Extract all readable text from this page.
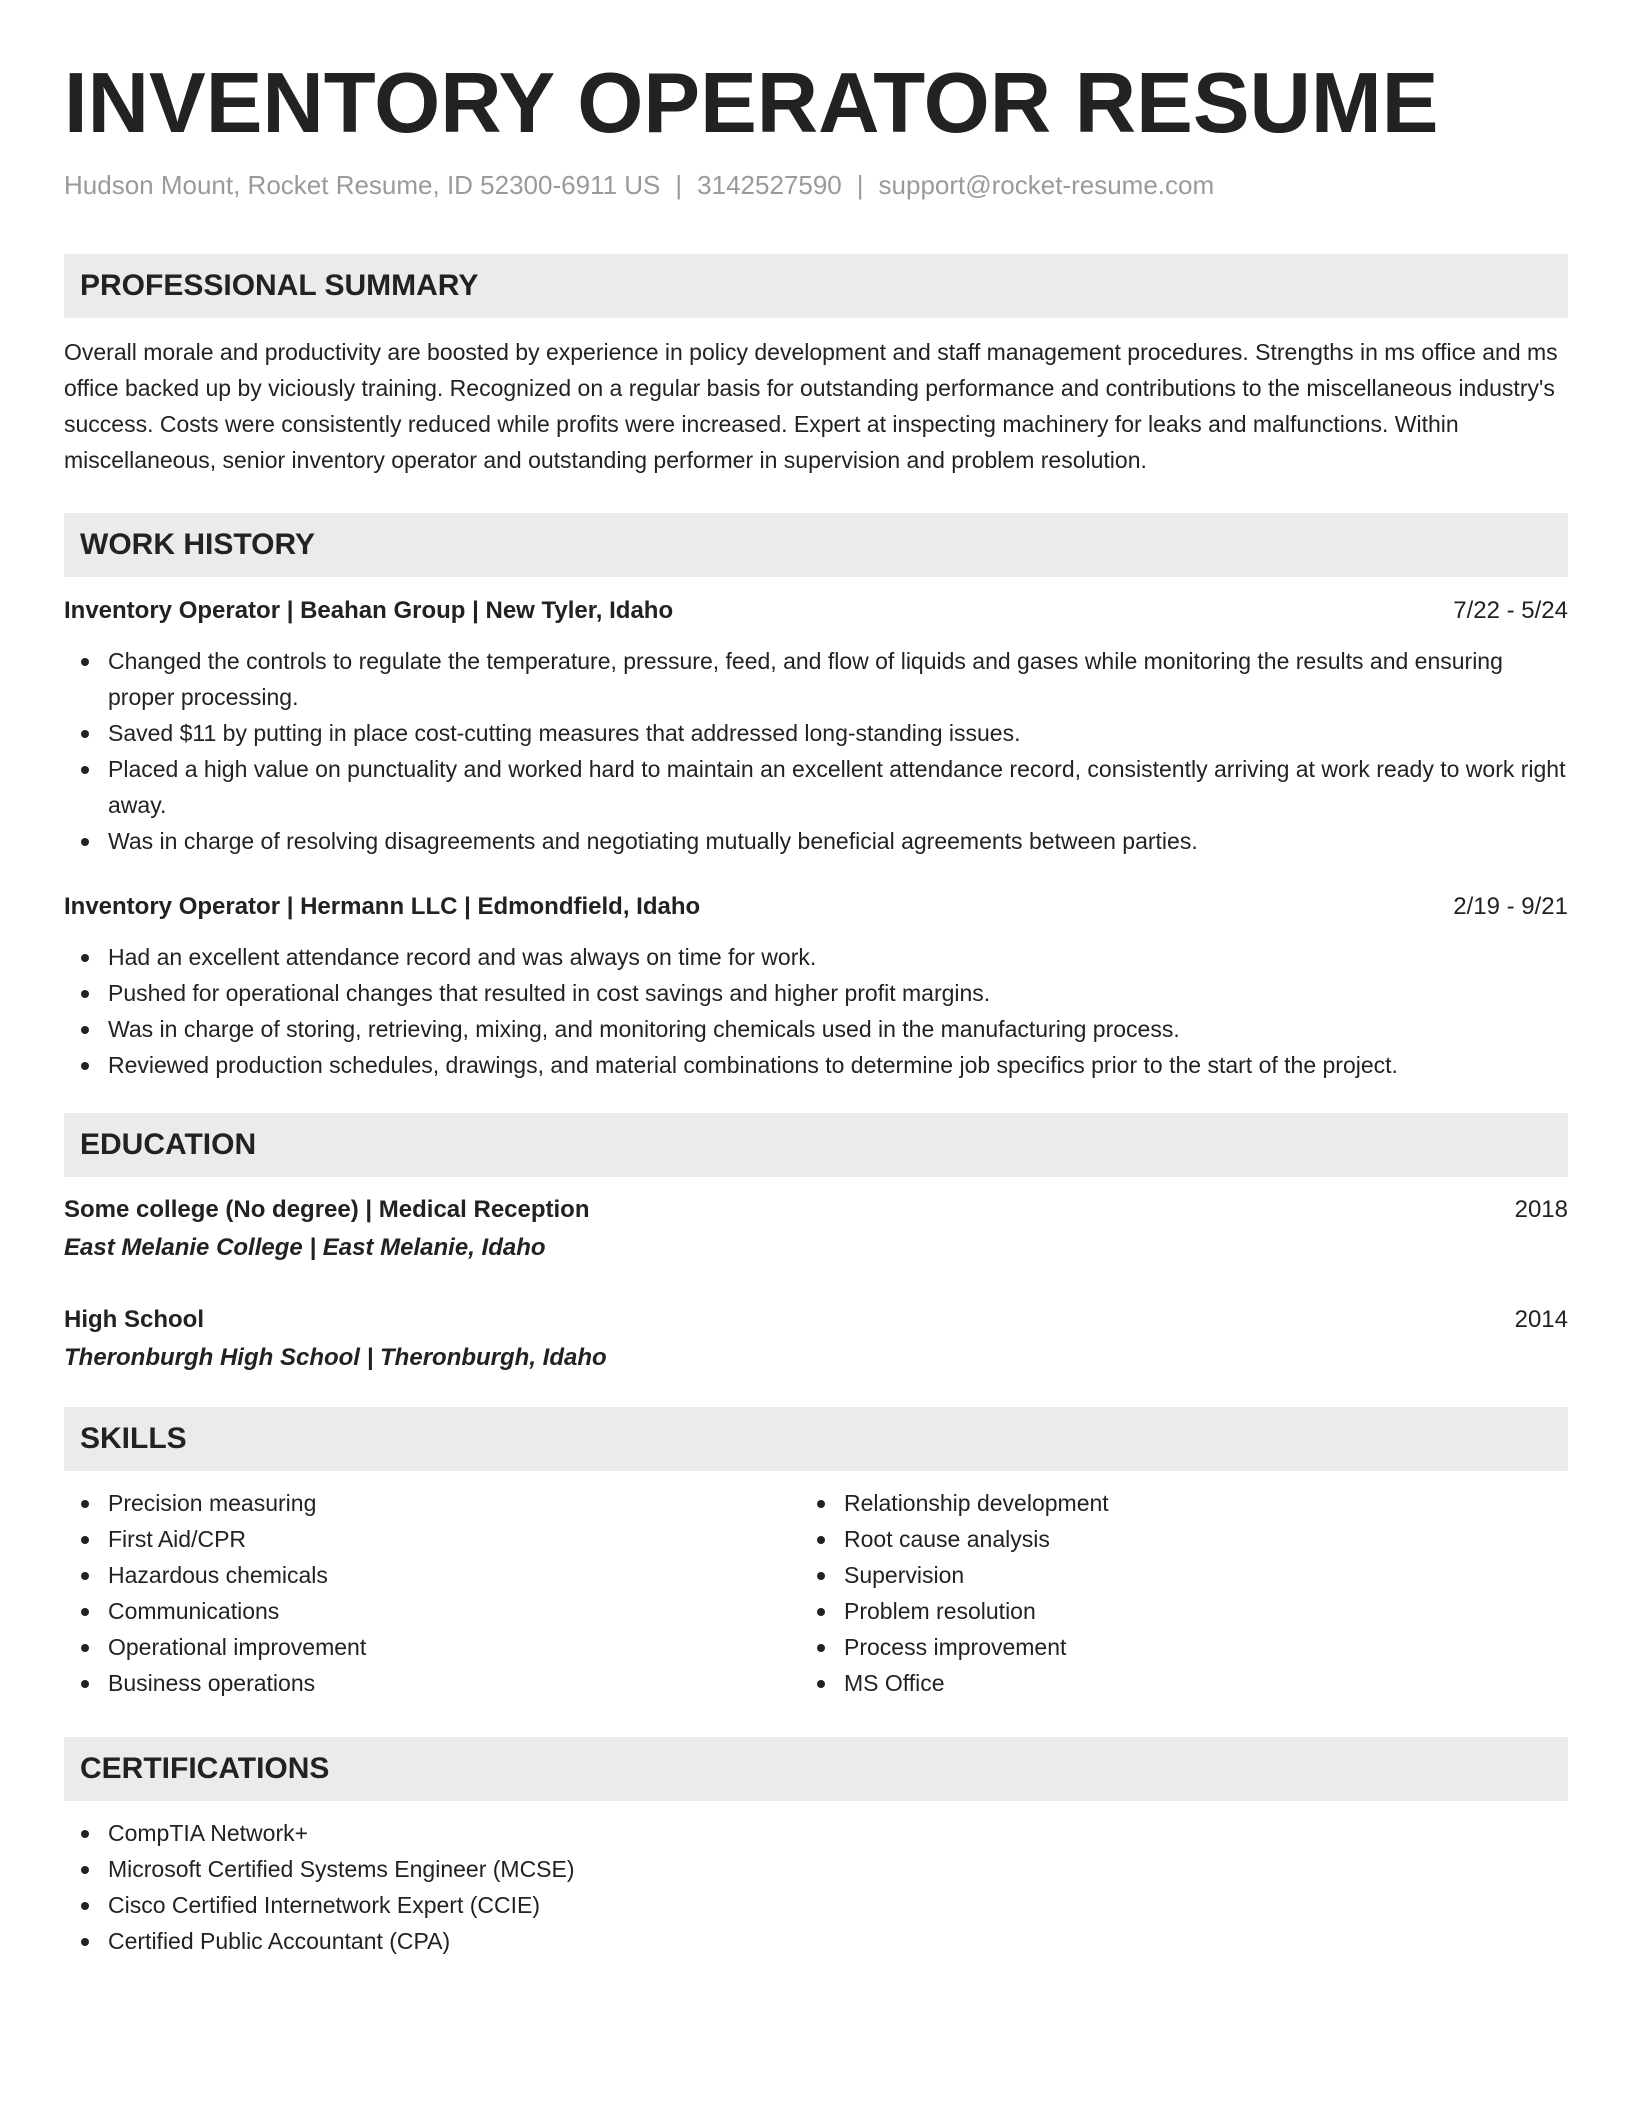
INVENTORY OPERATOR RESUME
Hudson Mount, Rocket Resume, ID 52300-6911 US | 3142527590 | support@rocket-resume.com
PROFESSIONAL SUMMARY

Overall morale and productivity are boosted by experience in policy development and staff management procedures. Strengths in ms office and ms office backed up by viciously training. Recognized on a regular basis for outstanding performance and contributions to the miscellaneous industry's success. Costs were consistently reduced while profits were increased. Expert at inspecting machinery for leaks and malfunctions. Within miscellaneous, senior inventory operator and outstanding performer in supervision and problem resolution.

WORK HISTORY
Inventory Operator | Beahan Group | New Tyler, Idaho	7/22 - 5/24
Changed the controls to regulate the temperature, pressure, feed, and flow of liquids and gases while monitoring the results and ensuring proper processing.
Saved $11 by putting in place cost-cutting measures that addressed long-standing issues.
Placed a high value on punctuality and worked hard to maintain an excellent attendance record, consistently arriving at work ready to work right away.
Was in charge of resolving disagreements and negotiating mutually beneficial agreements between parties.
Inventory Operator | Hermann LLC | Edmondfield, Idaho	2/19 - 9/21
Had an excellent attendance record and was always on time for work.
Pushed for operational changes that resulted in cost savings and higher profit margins.
Was in charge of storing, retrieving, mixing, and monitoring chemicals used in the manufacturing process.
Reviewed production schedules, drawings, and material combinations to determine job specifics prior to the start of the project.
EDUCATION
Some college (No degree) | Medical Reception	2018
East Melanie College | East Melanie, Idaho
High School	2014
Theronburgh High School | Theronburgh, Idaho
SKILLS
Precision measuring
First Aid/CPR
Hazardous chemicals
Communications
Operational improvement
Business operations
Relationship development
Root cause analysis
Supervision
Problem resolution
Process improvement
MS Office
CERTIFICATIONS
CompTIA Network+
Microsoft Certified Systems Engineer (MCSE)
Cisco Certified Internetwork Expert (CCIE)
Certified Public Accountant (CPA)
